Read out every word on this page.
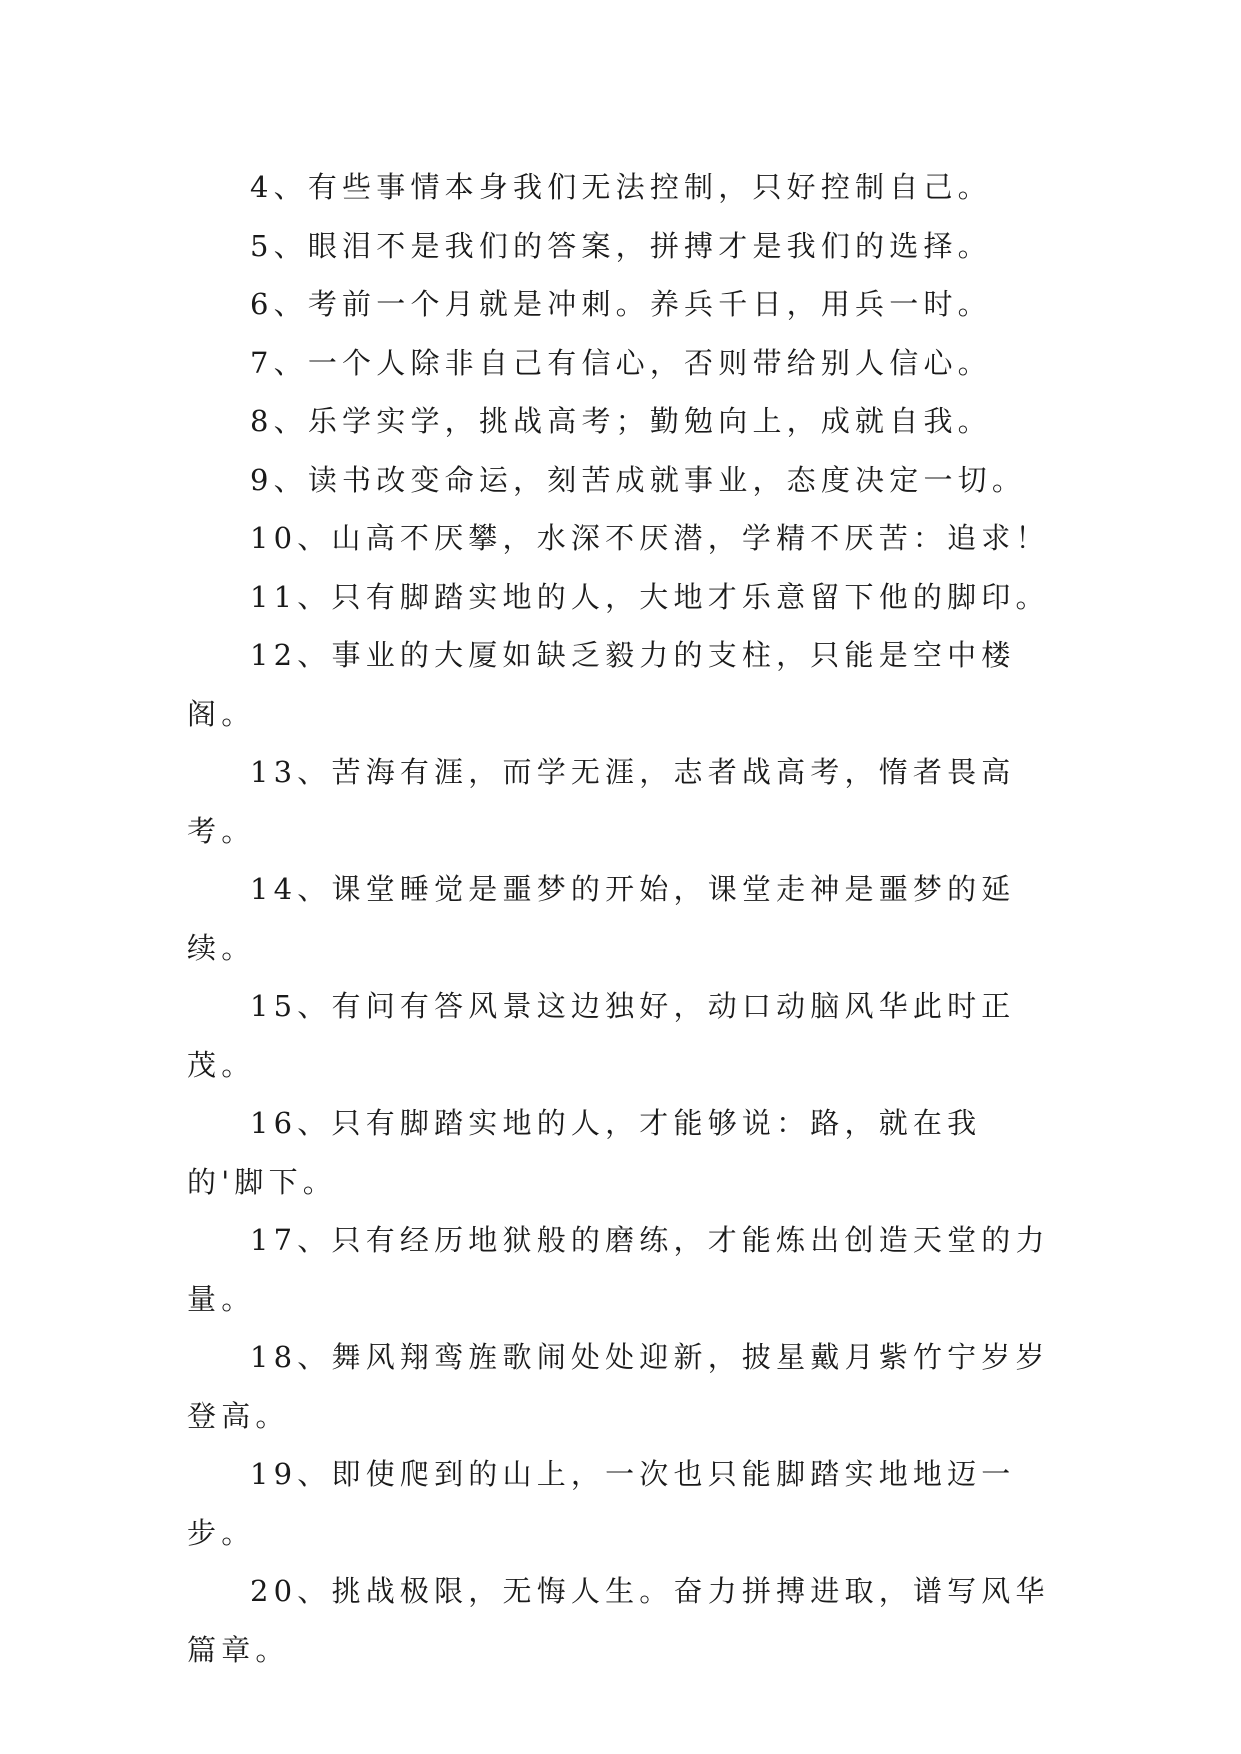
4、有些事情本身我们无法控制，只好控制自己。

5、眼泪不是我们的答案，拼搏才是我们的选择。

6、考前一个月就是冲刺。养兵千日，用兵一时。

7、一个人除非自己有信心，否则带给别人信心。

8、乐学实学，挑战高考；勤勉向上，成就自我。

9、读书改变命运，刻苦成就事业，态度决定一切。

10、山高不厌攀，水深不厌潜，学精不厌苦：追求！

11、只有脚踏实地的人，大地才乐意留下他的脚印。

12、事业的大厦如缺乏毅力的支柱，只能是空中楼阁。

13、苦海有涯，而学无涯，志者战高考，惰者畏高考。

14、课堂睡觉是噩梦的开始，课堂走神是噩梦的延续。

15、有问有答风景这边独好，动口动脑风华此时正茂。

16、只有脚踏实地的人，才能够说：路，就在我的'脚下。

17、只有经历地狱般的磨练，才能炼出创造天堂的力量。

18、舞风翔鸾旌歌闹处处迎新，披星戴月紫竹宁岁岁登高。

19、即使爬到的山上，一次也只能脚踏实地地迈一步。

20、挑战极限，无悔人生。奋力拼搏进取，谱写风华篇章。
